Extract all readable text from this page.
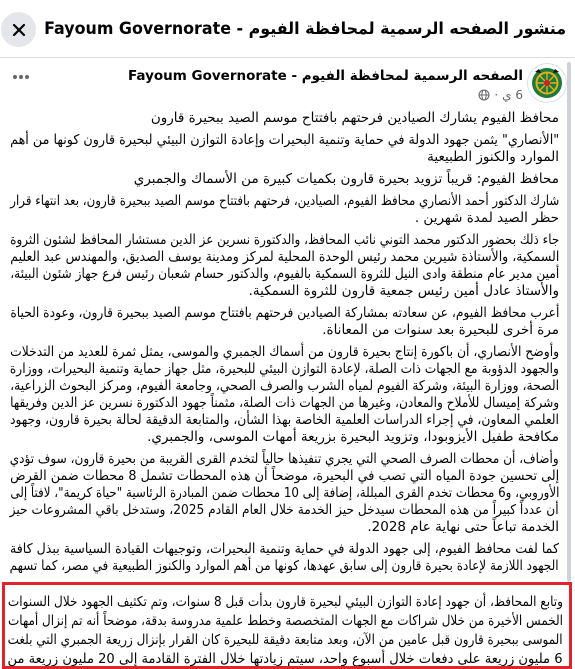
منشور الصفحه الرسمية لمحافظة الفيوم - Fayoum Governorate
الصفحه الرسمية لمحافظة الفيوم - Fayoum Governorate
6 ي
·
محافظ الفيوم يشارك الصيادين فرحتهم بافتتاح موسم الصيد ببحيرة قارون
"الأنصاري" يثمن جهود الدولة في حماية وتنمية البحيرات وإعادة التوازن البيئي لبحيرة قارون كونها من أهم
الموارد والكنوز الطبيعية
محافظ الفيوم: قريباً تزويد بحيرة قارون بكميات كبيرة من الأسماك والجمبري
شارك الدكتور أحمد الأنصاري محافظ الفيوم، الصيادين، فرحتهم بافتتاح موسم الصيد ببحيرة قارون، بعد انتهاء قرار
حظر الصيد لمدة شهرين .
جاء ذلك بحضور الدكتور محمد التوني نائب المحافظ، والدكتورة نسرين عز الدين مستشار المحافظ لشئون الثروة
السمكية، والأستاذة شيرين محمد رئيس الوحدة المحلية لمركز ومدينة يوسف الصديق، والمهندس عبد العليم
أمين مدير عام منطقة وادى النيل للثروة السمكية بالفيوم، والدكتور حسام شعبان رئيس فرع جهاز شئون البيئة،
والأستاذ عادل أمين رئيس جمعية قارون للثروة السمكية.
أعرب محافظ الفيوم، عن سعادته بمشاركة الصيادين فرحتهم بافتتاح موسم الصيد ببحيرة قارون، وعودة الحياة
مرة أخرى للبحيرة بعد سنوات من المعاناة.
وأوضح الأنصاري، أن باكورة إنتاج بحيرة قارون من أسماك الجمبري والموسى، يمثل ثمرة للعديد من التدخلات
والجهود الدؤوبة مع الجهات ذات الصلة، لإعادة التوازن البيئي للبحيرة، مثل جهاز حماية وتنمية البحيرات، ووزارة
الصحة، ووزارة البيئة، وشركة الفيوم لمياه الشرب والصرف الصحي، وجامعة الفيوم، ومركز البحوث الزراعية،
وشركة إميسال للأملاح والمعادن، وغيرها من الجهات ذات الصلة، مثمناً جهود الدكتورة نسرين عز الدين وفريقها
العلمي المعاون، في إجراء الدراسات العلمية الخاصة بهذا الشأن، والمتابعة الدقيقة لحالة بحيرة قارون، وجهود
مكافحة طفيل الأيزوبودا، وتزويد البحيرة بزريعة أمهات الموسى، والجمبري.
وأضاف، أن محطات الصرف الصحي التي يجري تنفيذها حالياً لتخدم القرى القريبة من بحيرة قارون، سوف تؤدي
إلى تحسين جودة المياه التي تصب في البحيرة، موضحاً أن هذه المحطات تشمل 8 محطات ضمن القرض
الأوروبي، و6 محطات تخدم القرى المبللة، إضافة إلى 10 محطات ضمن المبادرة الرئاسية "حياة كريمة"، لافتاً إلى
أن عدداً كبيراً من هذه المحطات سيدخل حيز الخدمة خلال العام القادم 2025، وستدخل باقي المشروعات حيز
الخدمة تباعاً حتى نهاية عام 2028.
كما لفت محافظ الفيوم، إلى جهود الدولة في حماية وتنمية البحيرات، وتوجيهات القيادة السياسية ببذل كافة
الجهود اللازمة لإعادة بحيرة قارون إلى سابق عهدها، كونها من أهم الموارد والكنوز الطبيعية في مصر، كما تسهم
وتابع المحافظ، أن جهود إعادة التوازن البيئي لبحيرة قارون بدأت قبل 8 سنوات، وتم تكثيف الجهود خلال السنوات
الخمس الأخيرة من خلال شراكات مع الجهات المتخصصة وخطط علمية مدروسة بدقة، موضحاً أنه تم إنزال أمهات
الموسى ببحيرة قارون قبل عامين من الآن، وبعد متابعة دقيقة للبحيرة كان القرار بإنزال زريعة الجمبري التي بلغت
6 مليون زريعة على دفعات خلال أسبوع واحد، سيتم زيادتها خلال الفترة القادمة إلى 20 مليون زريعة من
